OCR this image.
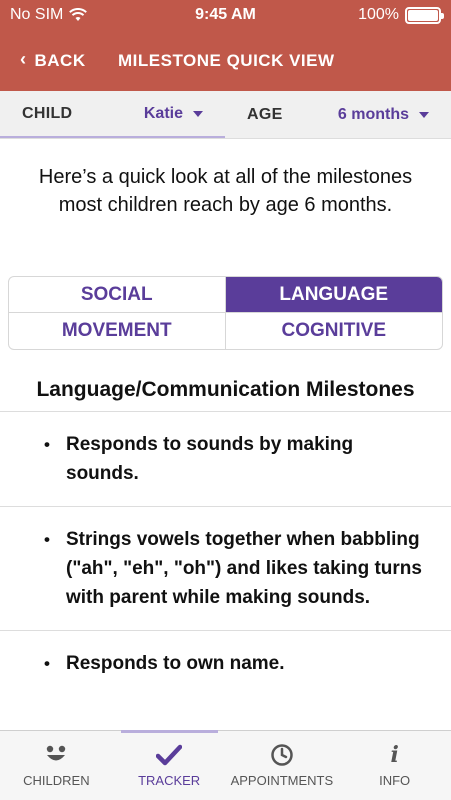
No SIM	9:45 AM	100%
‹ BACK MILESTONE QUICK VIEW
CHILD	Katie	AGE	6 months

Here’s a quick look at all of the milestones most children reach by age 6 months.

SOCIAL	LANGUAGE
MOVEMENT	COGNITIVE
Language/Communication Milestones
• Responds to sounds by making sounds.
• Strings vowels together when babbling ("ah", "eh", "oh") and likes taking turns with parent while making sounds.
• Responds to own name.
CHILDREN	TRACKER APPOINTMENTS
i
INFO
